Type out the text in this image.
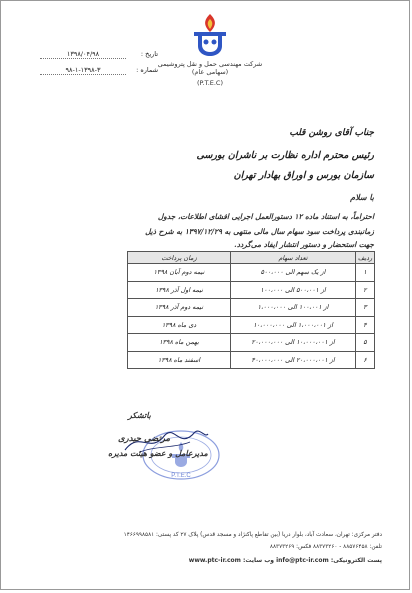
شرکت مهندسی حمل و نقل پتروشیمی
(سهامی عام)
(P.T.E.C)
تاریخ : ۱۳۹۸/۰۴/۹۸
شماره : ۹۸-۱-۱۳۹۸-۳
جناب آقای روشن قلب
رئیس محترم اداره نظارت بر ناشران بورسی
سازمان بورس و اوراق بهادار تهران
با سلام
احتراماً، به استناد ماده ۱۲ دستورالعمل اجرایی افشای اطلاعات، جدول
زمانبندی پرداخت سود سهام سال مالی منتهی به ۱۳۹۷/۱۲/۲۹ به شرح ذیل
جهت استحضار و دستور انتشار ایفاد می‌گردد.
ردیف	تعداد سهام	زمان پرداخت
۱	از یک سهم الی ۵۰۰،۰۰۰	نیمه دوم آبان ۱۳۹۸
۲	از ۵۰۰،۰۰۱ الی ۱۰۰،۰۰۰	نیمه اول آذر ۱۳۹۸
۳	از ۱۰۰،۰۰۱ الی ۱،۰۰۰،۰۰۰	نیمه دوم آذر ۱۳۹۸
۴	از ۱،۰۰۰،۰۰۱ الی ۱۰،۰۰۰،۰۰۰	دی ماه ۱۳۹۸
۵	از ۱۰،۰۰۰،۰۰۱ الی ۲۰،۰۰۰،۰۰۰	بهمن ماه ۱۳۹۸
۶	از ۲۰،۰۰۰،۰۰۱ الی ۴۰،۰۰۰،۰۰۰	اسفند ماه ۱۳۹۸
باتشکر
P.T.E.C
مرتضی حیدری
مدیرعامل و عضو هیئت مدیره
دفتر مرکزی: تهران، سعادت آباد، بلوار دریا (بین تقاطع پاکنژاد و مسجد قدس) پلاک ۲۷ کد پستی: ۱۴۶۶۹۹۸۵۸۱
تلفن: ۸۸۵۷۶۴۵۸ - ۸۸۳۷۳۲۶۰ فکس: ۸۸۳۷۳۲۶۹
پست الکترونیکی: info@ptc-ir.com وب سایت: www.ptc-ir.com
